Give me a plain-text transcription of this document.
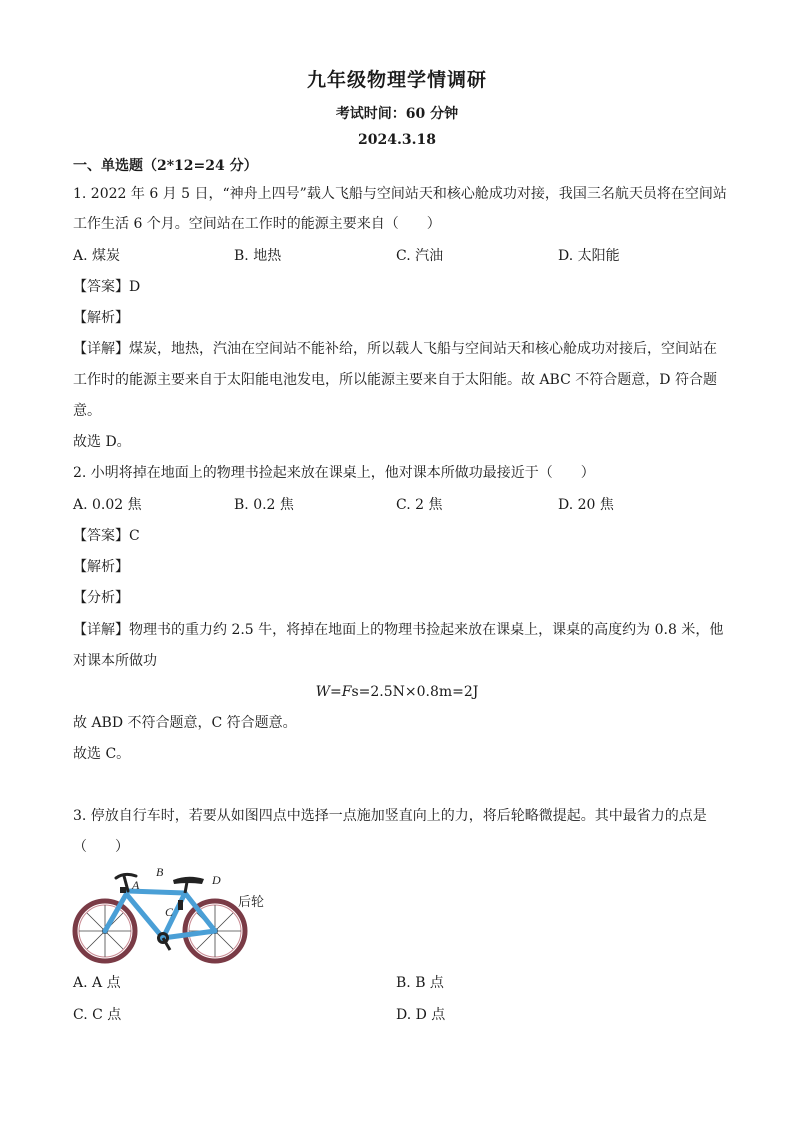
九年级物理学情调研
考试时间：60 分钟
2024.3.18
一、单选题（2*12=24 分）
1. 2022 年 6 月 5 日，“神舟上四号”载人飞船与空间站天和核心舱成功对接，我国三名航天员将在空间站
工作生活 6 个月。空间站在工作时的能源主要来自（　　）
A. 煤炭	B. 地热	C. 汽油	D. 太阳能
【答案】D
【解析】
【详解】煤炭，地热，汽油在空间站不能补给，所以载人飞船与空间站天和核心舱成功对接后，空间站在
工作时的能源主要来自于太阳能电池发电，所以能源主要来自于太阳能。故 ABC 不符合题意，D 符合题
意。
故选 D。
2. 小明将掉在地面上的物理书捡起来放在课桌上，他对课本所做功最接近于（　　）
A. 0.02 焦	B. 0.2 焦	C. 2 焦	D. 20 焦
【答案】C
【解析】
【分析】
【详解】物理书的重力约 2.5 牛，将掉在地面上的物理书捡起来放在课桌上，课桌的高度约为 0.8 米，他
对课本所做功
W=Fs=2.5N×0.8m=2J
故 ABD 不符合题意，C 符合题意。
故选 C。
3. 停放自行车时，若要从如图四点中选择一点施加竖直向上的力，将后轮略微提起。其中最省力的点是
（　　）
A
B
C
D
后轮
A. A 点	B. B 点
C. C 点	D. D 点
